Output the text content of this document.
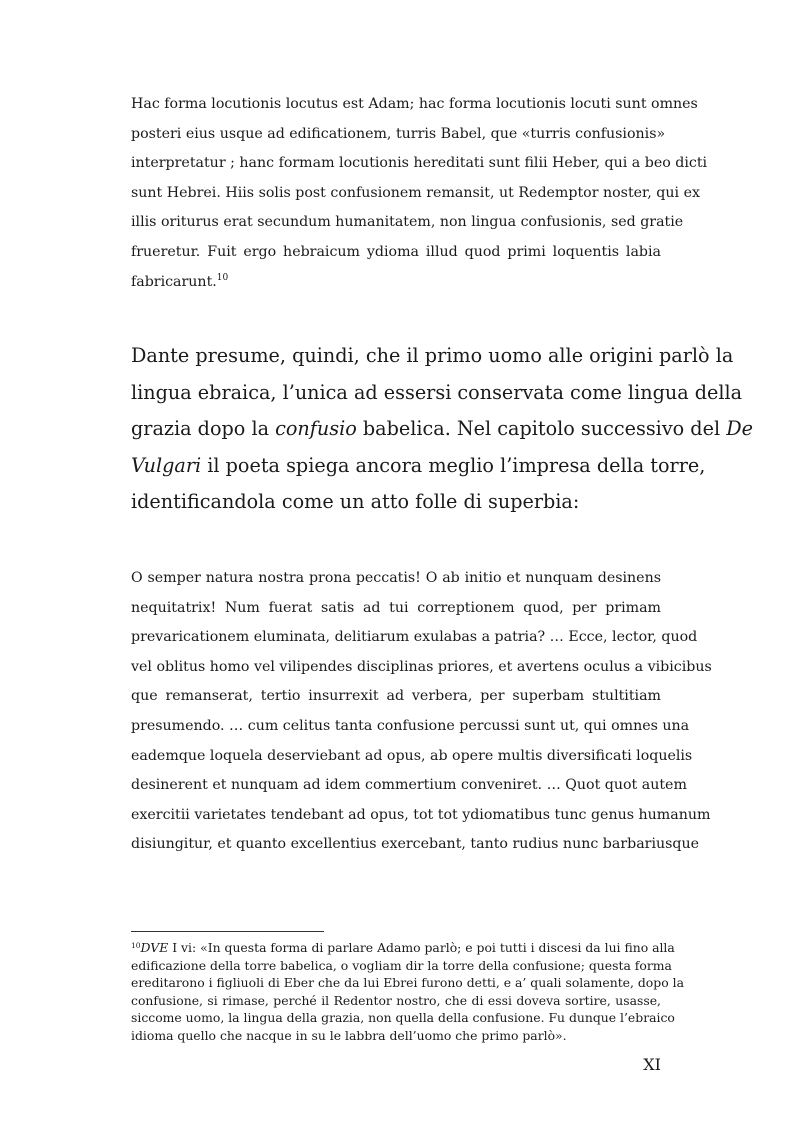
Hac forma locutionis locutus est Adam; hac forma locutionis locuti sunt omnes
posteri eius usque ad edificationem, turris Babel, que «turris confusionis»
interpretatur ; hanc formam locutionis hereditati sunt filii Heber, qui a beo dicti
sunt Hebrei. Hiis solis post confusionem remansit, ut Redemptor noster, qui ex
illis oriturus erat secundum humanitatem, non lingua confusionis, sed gratie
frueretur. Fuit ergo hebraicum ydioma illud quod primi loquentis labia
fabricarunt.$^{10}$
Dante presume, quindi, che il primo uomo alle origini parlò la
lingua ebraica, l’unica ad essersi conservata come lingua della
grazia dopo la confusio babelica. Nel capitolo successivo del De
Vulgari il poeta spiega ancora meglio l’impresa della torre,
identificandola come un atto folle di superbia:
O semper natura nostra prona peccatis! O ab initio et nunquam desinens
nequitatrix! Num fuerat satis ad tui correptionem quod, per primam
prevaricationem eluminata, delitiarum exulabas a patria? … Ecce, lector, quod
vel oblitus homo vel vilipendes disciplinas priores, et avertens oculus a vibicibus
que remanserat, tertio insurrexit ad verbera, per superbam stultitiam
presumendo. … cum celitus tanta confusione percussi sunt ut, qui omnes una
eademque loquela deserviebant ad opus, ab opere multis diversificati loquelis
desinerent et nunquam ad idem commertium conveniret. … Quot quot autem
exercitii varietates tendebant ad opus, tot tot ydiomatibus tunc genus humanum
disiungitur, et quanto excellentius exercebant, tanto rudius nunc barbariusque
$^{10}$DVE I vi: «In questa forma di parlare Adamo parlò; e poi tutti i discesi da lui fino alla
edificazione della torre babelica, o vogliam dir la torre della confusione; questa forma
ereditarono i figliuoli di Eber che da lui Ebrei furono detti, e a’ quali solamente, dopo la
confusione, si rimase, perché il Redentor nostro, che di essi doveva sortire, usasse,
siccome uomo, la lingua della grazia, non quella della confusione. Fu dunque l’ebraico
idioma quello che nacque in su le labbra dell’uomo che primo parlò».
XI
